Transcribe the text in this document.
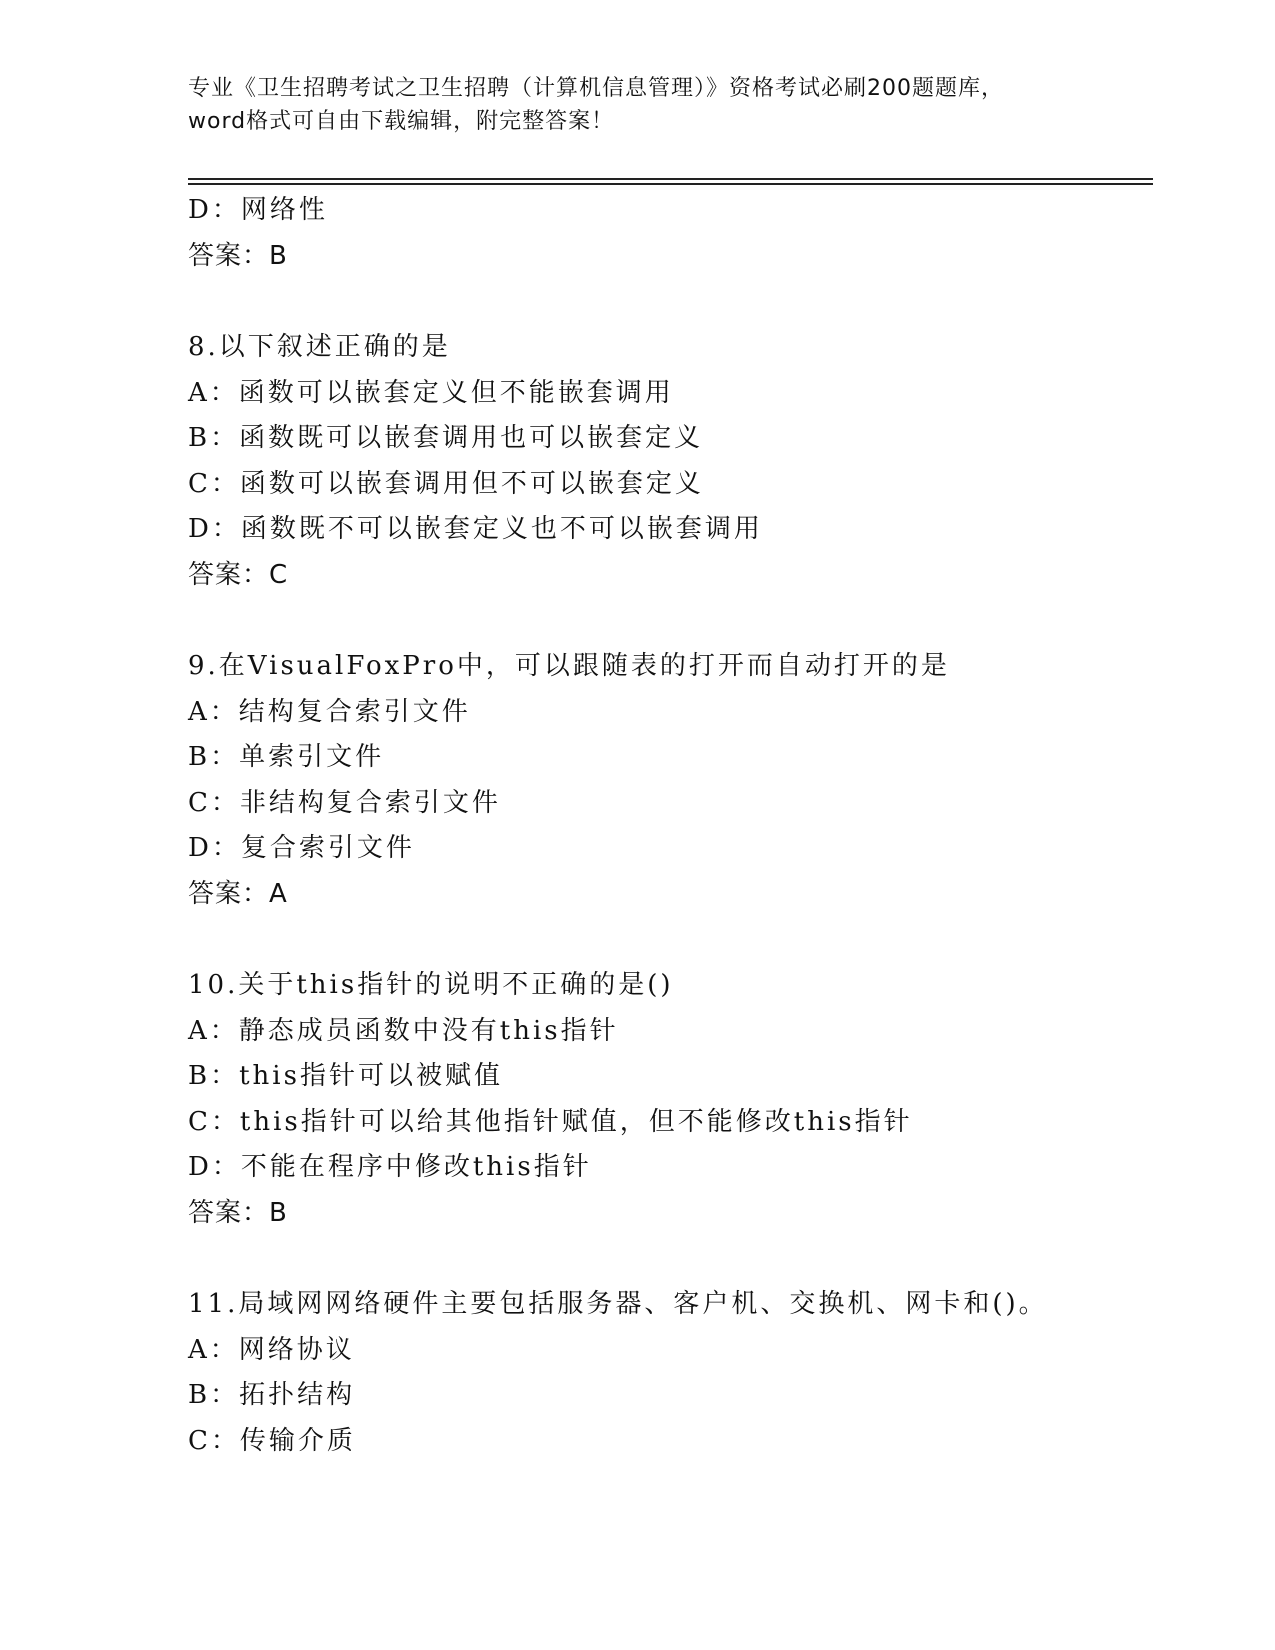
专业《卫生招聘考试之卫生招聘（计算机信息管理）》资格考试必刷200题题库，
word格式可自由下载编辑，附完整答案！
D：网络性
答案：B
8.以下叙述正确的是
A：函数可以嵌套定义但不能嵌套调用
B：函数既可以嵌套调用也可以嵌套定义
C：函数可以嵌套调用但不可以嵌套定义
D：函数既不可以嵌套定义也不可以嵌套调用
答案：C
9.在VisualFoxPro中，可以跟随表的打开而自动打开的是
A：结构复合索引文件
B：单索引文件
C：非结构复合索引文件
D：复合索引文件
答案：A
10.关于this指针的说明不正确的是()
A：静态成员函数中没有this指针
B：this指针可以被赋值
C：this指针可以给其他指针赋值，但不能修改this指针
D：不能在程序中修改this指针
答案：B
11.局域网网络硬件主要包括服务器、客户机、交换机、网卡和()。
A：网络协议
B：拓扑结构
C：传输介质
